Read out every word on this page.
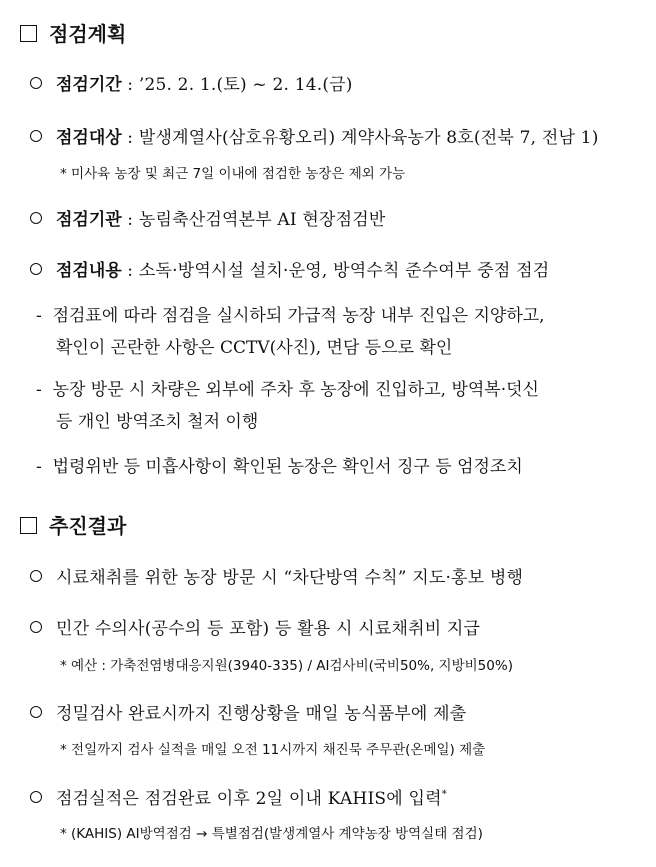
점검계획
점검기간 : ’25. 2. 1.(토) ~ 2. 14.(금)
점검대상 : 발생계열사(삼호유황오리) 계약사육농가 8호(전북 7, 전남 1)
* 미사육 농장 및 최근 7일 이내에 점검한 농장은 제외 가능
점검기관 : 농림축산검역본부 AI 현장점검반
점검내용 : 소독·방역시설 설치·운영, 방역수칙 준수여부 중점 점검
- 점검표에 따라 점검을 실시하되 가급적 농장 내부 진입은 지양하고,
확인이 곤란한 사항은 CCTV(사진), 면담 등으로 확인
- 농장 방문 시 차량은 외부에 주차 후 농장에 진입하고, 방역복·덧신
등 개인 방역조치 철저 이행
- 법령위반 등 미흡사항이 확인된 농장은 확인서 징구 등 엄정조치
추진결과
시료채취를 위한 농장 방문 시 “차단방역 수칙” 지도·홍보 병행
민간 수의사(공수의 등 포함) 등 활용 시 시료채취비 지급
* 예산 : 가축전염병대응지원(3940-335) / AI검사비(국비50%, 지방비50%)
정밀검사 완료시까지 진행상황을 매일 농식품부에 제출
* 전일까지 검사 실적을 매일 오전 11시까지 채진묵 주무관(온메일) 제출
점검실적은 점검완료 이후 2일 이내 KAHIS에 입력*
* (KAHIS) AI방역점검 → 특별점검(발생계열사 계약농장 방역실태 점검)
